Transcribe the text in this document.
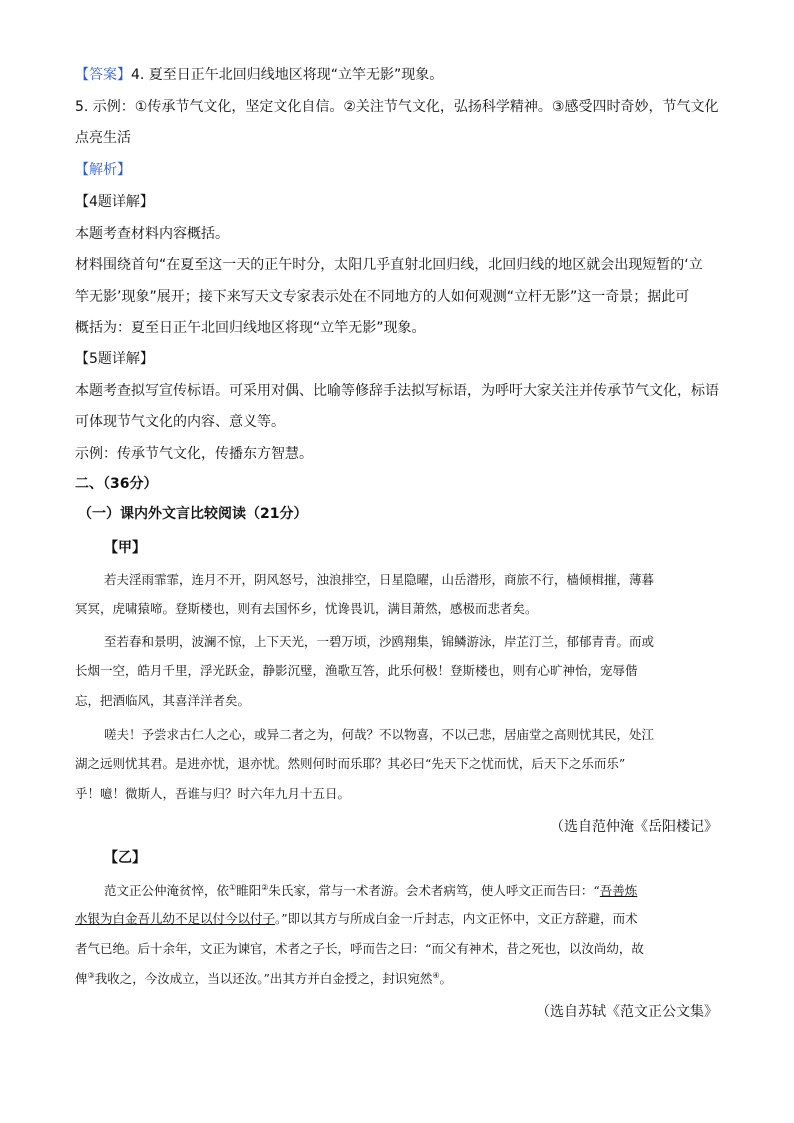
【答案】4. 夏至日正午北回归线地区将现“立竿无影”现象。
5. 示例：①传承节气文化，坚定文化自信。②关注节气文化，弘扬科学精神。③感受四时奇妙，节气文化
点亮生活
【解析】
【4题详解】
本题考查材料内容概括。
材料围绕首句“在夏至这一天的正午时分，太阳几乎直射北回归线，北回归线的地区就会出现短暂的‘立
竿无影’现象”展开；接下来写天文专家表示处在不同地方的人如何观测“立杆无影”这一奇景；据此可
概括为：夏至日正午北回归线地区将现“立竿无影”现象。
【5题详解】
本题考查拟写宣传标语。可采用对偶、比喻等修辞手法拟写标语，为呼吁大家关注并传承节气文化，标语
可体现节气文化的内容、意义等。
示例：传承节气文化，传播东方智慧。
二、（36分）
（一）课内外文言比较阅读（21分）
【甲】
若夫淫雨霏霏，连月不开，阴风怒号，浊浪排空，日星隐曜，山岳潜形，商旅不行，樯倾楫摧，薄暮
冥冥，虎啸猿啼。登斯楼也，则有去国怀乡，忧谗畏讥，满目萧然，感极而悲者矣。
至若春和景明，波澜不惊，上下天光，一碧万顷，沙鸥翔集，锦鳞游泳，岸芷汀兰，郁郁青青。而或
长烟一空，皓月千里，浮光跃金，静影沉璧，渔歌互答，此乐何极！登斯楼也，则有心旷神怡，宠辱偕
忘，把酒临风，其喜洋洋者矣。
嗟夫！予尝求古仁人之心，或异二者之为，何哉？不以物喜，不以己悲，居庙堂之高则忧其民，处江
湖之远则忧其君。是进亦忧，退亦忧。然则何时而乐耶？其必曰“先天下之忧而忧，后天下之乐而乐”
乎！噫！微斯人，吾谁与归？时六年九月十五日。
（选自范仲淹《岳阳楼记》
【乙】
范文正公仲淹贫悴，依①睢阳②朱氏家，常与一术者游。会术者病笃，使人呼文正而告曰：“吾善炼
水银为白金吾儿幼不足以付今以付子。”即以其方与所成白金一斤封志，内文正怀中，文正方辞避，而术
者气已绝。后十余年，文正为谏官，术者之子长，呼而告之曰：“而父有神术，昔之死也，以汝尚幼，故
俾③我收之，今汝成立，当以还汝。”出其方并白金授之，封识宛然④。
（选自苏轼《范文正公文集》
